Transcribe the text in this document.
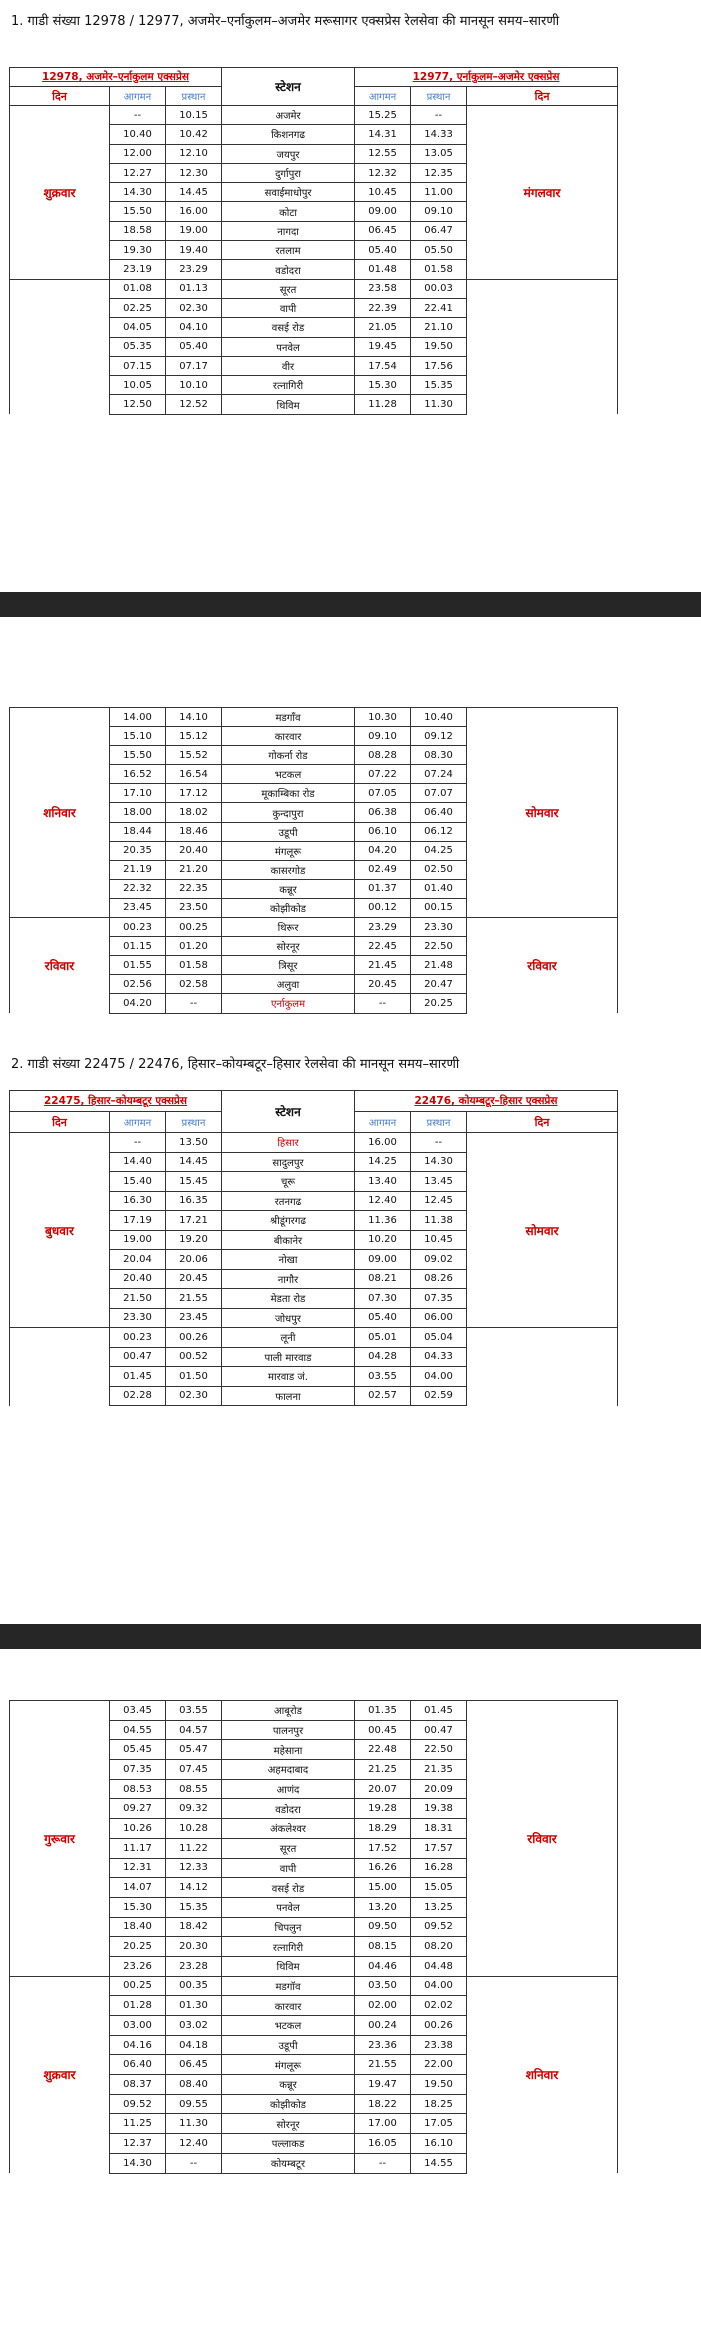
1. गाडी संख्या 12978 / 12977, अजमेर–एर्नाकुलम–अजमेर मरूसागर एक्सप्रेस रेलसेवा की मानसून समय–सारणी
12978, अजमेर–एर्नाकुलम एक्सप्रेस			स्टेशन	12977, एर्नाकुलम–अजमेर एक्सप्रेस		
दिन	आगमन	प्रस्थान		आगमन	प्रस्थान	दिन
शुक्रवार	--	10.15	अजमेर	15.25	--	मंगलवार
	10.40	10.42	किशनगढ	14.31	14.33	
	12.00	12.10	जयपुर	12.55	13.05	
	12.27	12.30	दुर्गापुरा	12.32	12.35	
	14.30	14.45	सवाईमाधोपुर	10.45	11.00	
	15.50	16.00	कोटा	09.00	09.10	
	18.58	19.00	नागदा	06.45	06.47	
	19.30	19.40	रतलाम	05.40	05.50	
	23.19	23.29	वडोदरा	01.48	01.58	
	01.08	01.13	सूरत	23.58	00.03	
	02.25	02.30	वापी	22.39	22.41	
	04.05	04.10	वसई रोड	21.05	21.10	
	05.35	05.40	पनवेल	19.45	19.50	
	07.15	07.17	वीर	17.54	17.56	
	10.05	10.10	रत्नागिरी	15.30	15.35	
	12.50	12.52	थिविम	11.28	11.30	
शनिवार	14.00	14.10	मडगाँव	10.30	10.40	सोमवार
	15.10	15.12	कारवार	09.10	09.12	
	15.50	15.52	गोकर्ना रोड	08.28	08.30	
	16.52	16.54	भटकल	07.22	07.24	
	17.10	17.12	मूकाम्बिका रोड	07.05	07.07	
	18.00	18.02	कुन्दापुरा	06.38	06.40	
	18.44	18.46	उडूपी	06.10	06.12	
	20.35	20.40	मंगलूरू	04.20	04.25	
	21.19	21.20	कासरगोड	02.49	02.50	
	22.32	22.35	कन्नूर	01.37	01.40	
	23.45	23.50	कोझीकोड	00.12	00.15	
रविवार	00.23	00.25	थिरूर	23.29	23.30	रविवार
	01.15	01.20	सोरनूर	22.45	22.50	
	01.55	01.58	त्रिसूर	21.45	21.48	
	02.56	02.58	अलुवा	20.45	20.47	
	04.20	--	एर्नाकुलम	--	20.25	
2. गाडी संख्या 22475 / 22476, हिसार–कोयम्बटूर–हिसार रेलसेवा की मानसून समय–सारणी
22475, हिसार–कोयम्बटूर एक्सप्रेस			स्टेशन	22476, कोयम्बटूर–हिसार एक्सप्रेस		
दिन	आगमन	प्रस्थान		आगमन	प्रस्थान	दिन
बुधवार	--	13.50	हिसार	16.00	--	सोमवार
	14.40	14.45	सादुलपुर	14.25	14.30	
	15.40	15.45	चूरू	13.40	13.45	
	16.30	16.35	रतनगढ	12.40	12.45	
	17.19	17.21	श्रीडूंगरगढ	11.36	11.38	
	19.00	19.20	बीकानेर	10.20	10.45	
	20.04	20.06	नोखा	09.00	09.02	
	20.40	20.45	नागौर	08.21	08.26	
	21.50	21.55	मेडता रोड	07.30	07.35	
	23.30	23.45	जोधपुर	05.40	06.00	
	00.23	00.26	लूनी	05.01	05.04	
	00.47	00.52	पाली मारवाड	04.28	04.33	
	01.45	01.50	मारवाड जं.	03.55	04.00	
	02.28	02.30	फालना	02.57	02.59	
गुरूवार	03.45	03.55	आबूरोड	01.35	01.45	रविवार
	04.55	04.57	पालनपुर	00.45	00.47	
	05.45	05.47	महेसाना	22.48	22.50	
	07.35	07.45	अहमदाबाद	21.25	21.35	
	08.53	08.55	आणंद	20.07	20.09	
	09.27	09.32	वडोदरा	19.28	19.38	
	10.26	10.28	अंकलेश्वर	18.29	18.31	
	11.17	11.22	सूरत	17.52	17.57	
	12.31	12.33	वापी	16.26	16.28	
	14.07	14.12	वसई रोड	15.00	15.05	
	15.30	15.35	पनवेल	13.20	13.25	
	18.40	18.42	चिपलुन	09.50	09.52	
	20.25	20.30	रत्नागिरी	08.15	08.20	
	23.26	23.28	थिविम	04.46	04.48	
शुक्रवार	00.25	00.35	मडगॉव	03.50	04.00	शनिवार
	01.28	01.30	कारवार	02.00	02.02	
	03.00	03.02	भटकल	00.24	00.26	
	04.16	04.18	उडूपी	23.36	23.38	
	06.40	06.45	मंगलूरू	21.55	22.00	
	08.37	08.40	कन्नूर	19.47	19.50	
	09.52	09.55	कोझीकोड	18.22	18.25	
	11.25	11.30	सोरनूर	17.00	17.05	
	12.37	12.40	पल्लाकड	16.05	16.10	
	14.30	--	कोयम्बटूर	--	14.55	
